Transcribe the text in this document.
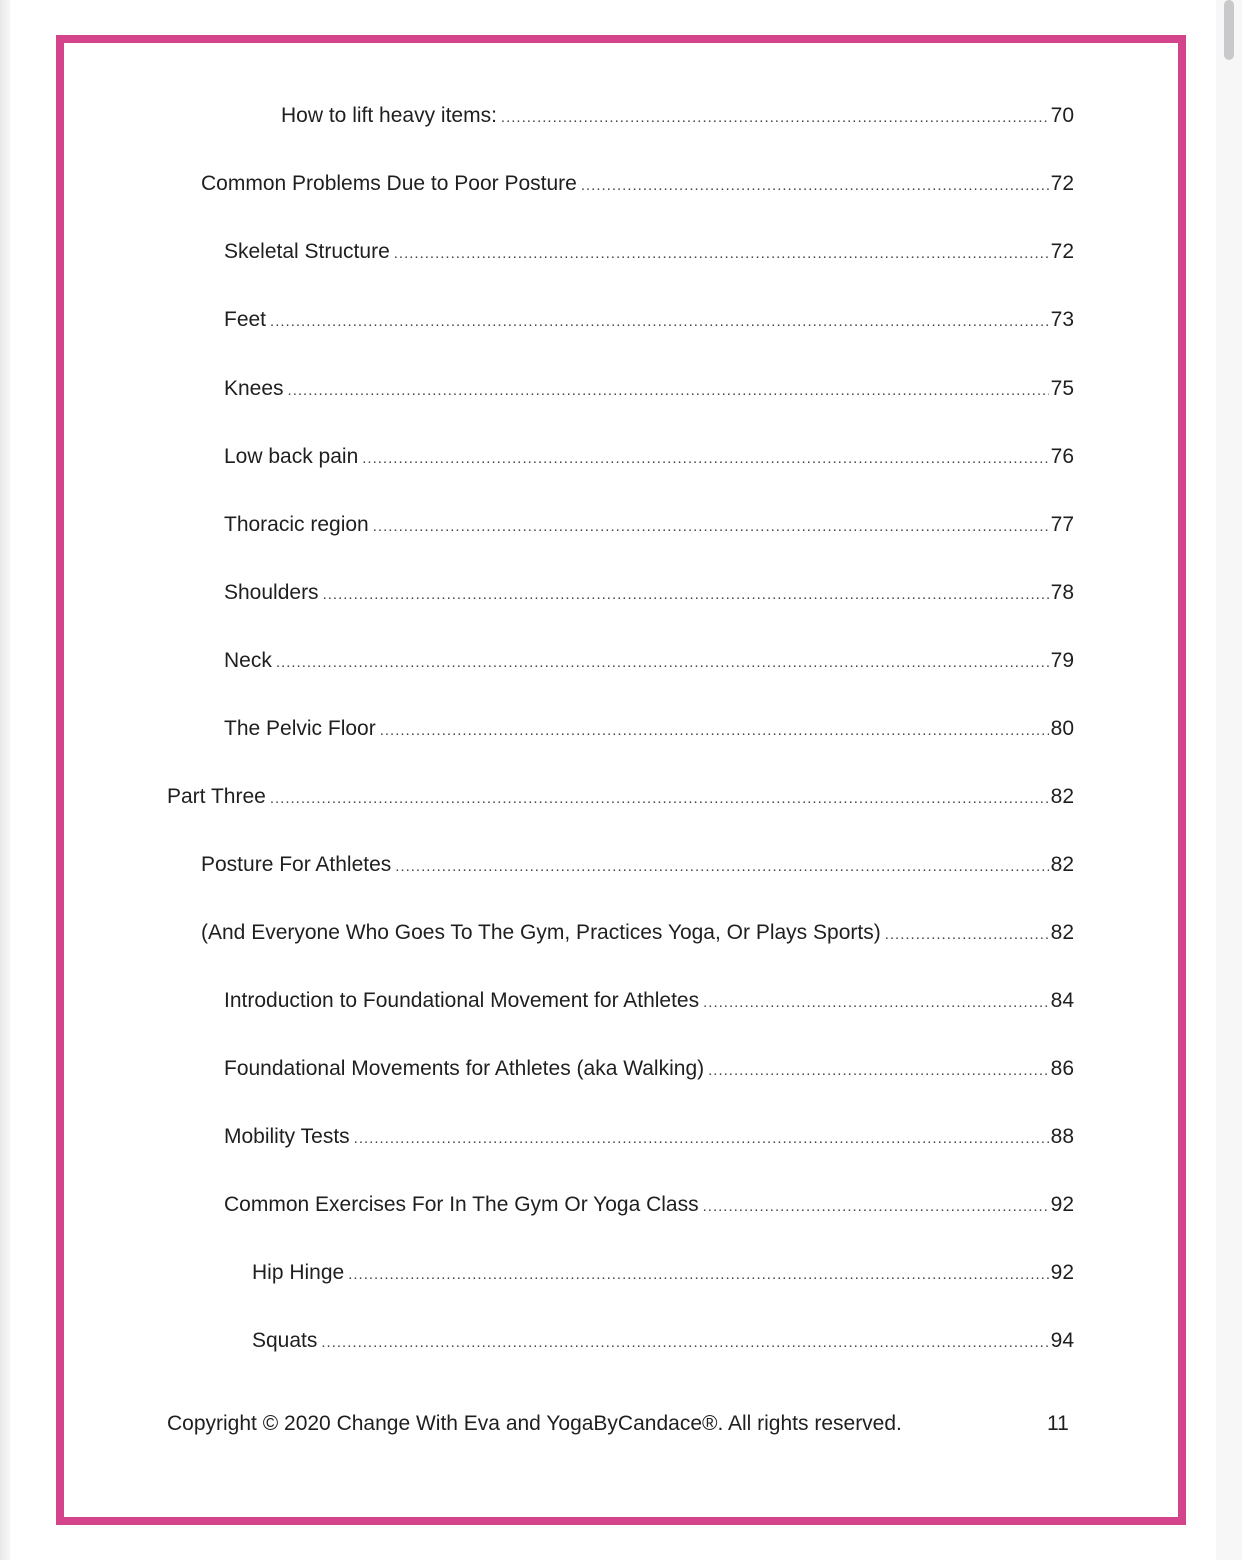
How to lift heavy items: .....	70
Common Problems Due to Poor Posture .....	72
Skeletal Structure .....	72
Feet .....	73
Knees .....	75
Low back pain .....	76
Thoracic region .....	77
Shoulders .....	78
Neck .....	79
The Pelvic Floor .....	80
Part Three .....	82
Posture For Athletes .....	82
(And Everyone Who Goes To The Gym, Practices Yoga, Or Plays Sports) .....	82
Introduction to Foundational Movement for Athletes .....	84
Foundational Movements for Athletes (aka Walking) .....	86
Mobility Tests .....	88
Common Exercises For In The Gym Or Yoga Class .....	92
Hip Hinge .....	92
Squats .....	94
Copyright © 2020 Change With Eva and YogaByCandace®. All rights reserved.	11
